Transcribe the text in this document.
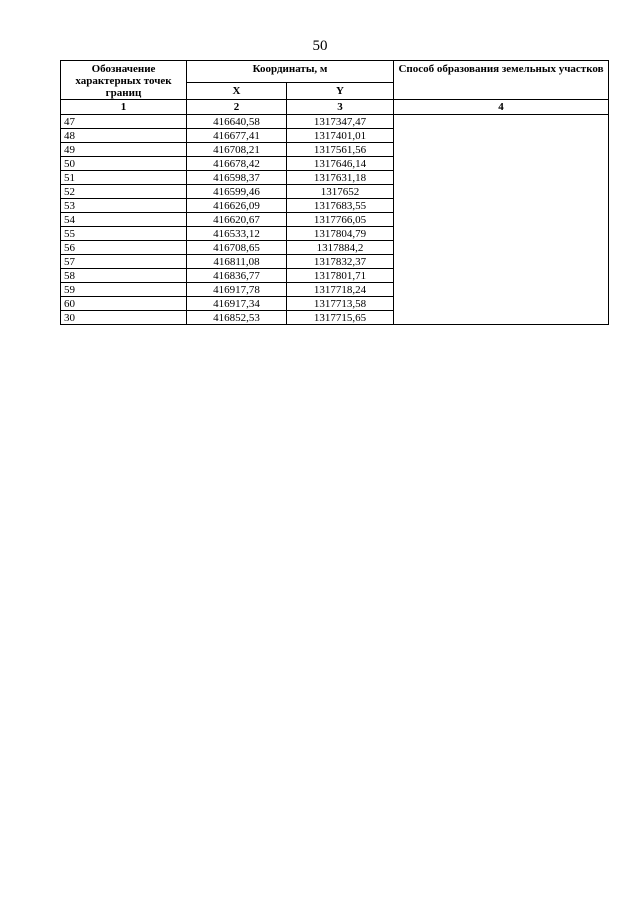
50
Обозначение характерных точек границ	Координаты, м		Способ образования земельных участков
	X	Y	
1	2	3	4
47	416640,58	1317347,47	
48	416677,41	1317401,01	
49	416708,21	1317561,56	
50	416678,42	1317646,14	
51	416598,37	1317631,18	
52	416599,46	1317652	
53	416626,09	1317683,55	
54	416620,67	1317766,05	
55	416533,12	1317804,79	
56	416708,65	1317884,2	
57	416811,08	1317832,37	
58	416836,77	1317801,71	
59	416917,78	1317718,24	
60	416917,34	1317713,58	
30	416852,53	1317715,65	
